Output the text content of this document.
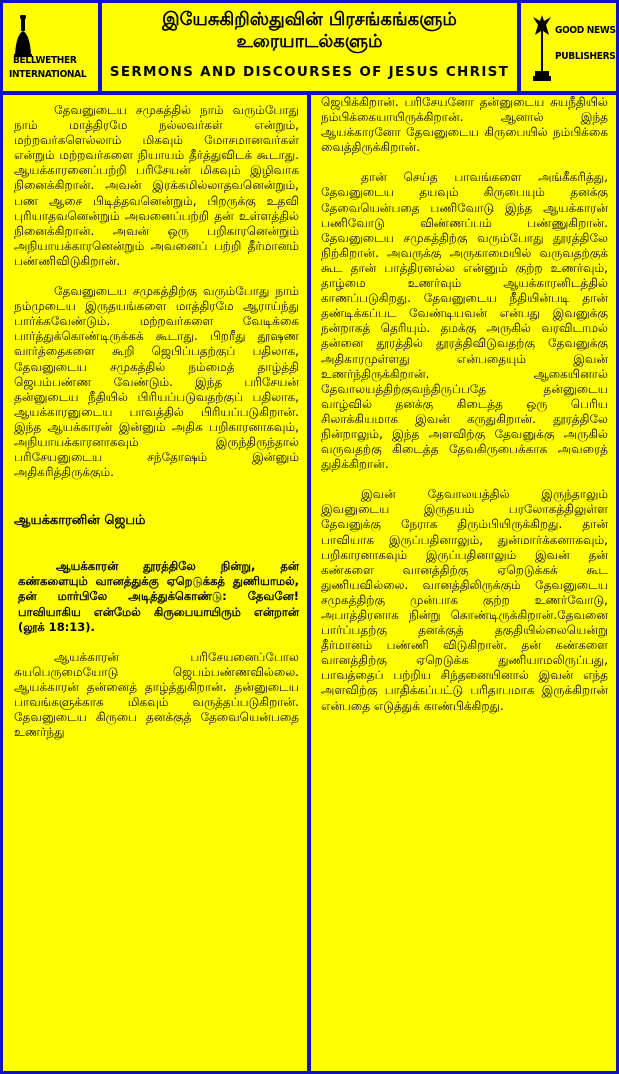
BELLWETHER
INTERNATIONAL
இயேசுகிறிஸ்துவின் பிரசங்கங்களும்
உரையாடல்களும்
SERMONS AND DISCOURSES OF JESUS CHRIST
GOOD NEWS
PUBLISHERS

தேவனுடைய சமுகத்தில் நாம் வரும்போது நாம் மாத்திரமே நல்லவர்கள் என்றும், மற்றவர்களெல்லாம் மிகவும் மோசமானவர்கள் என்றும் மற்றவர்களை நியாயம் தீர்த்துவிடக் கூடாது. ஆயக்காரனைப்பற்றி பரிசேயன் மிகவும் இழிவாக நினைக்கிறான். அவன் இரக்கமில்லாதவனென்றும், பண ஆசை பிடித்தவனென்றும், பிறருக்கு உதவி புரியாதவனென்றும் அவனைப்பற்றி தன் உள்ளத்தில் நினைக்கிறான். அவன் ஒரு பறிகாரனென்றும் அநியாயக்காரனென்றும் அவனைப் பற்றி தீர்மானம் பண்ணிவிடுகிறான்.

தேவனுடைய சமுகத்திற்கு வரும்போது நாம் நம்முடைய இருதயங்களை மாத்திரமே ஆராய்ந்து பார்க்கவேண்டும். மற்றவர்களை வேடிக்கை பார்த்துக்கொண்டிருக்கக் கூடாது. பிறரீது தூஷண வார்த்தைகளை கூறி ஜெபிப்பதற்குப் பதிலாக, தேவனுடைய சமுகத்தில் நம்மைத் தாழ்த்தி ஜெபம்பண்ண வேண்டும். இந்த பரிசேயன் தன்னுடைய நீதியில் பிரியப்படுவதற்குப் பதிலாக, ஆயக்காரனுடைய பாவத்தில் பிரியப்படுகிறான். இந்த ஆயக்காரன் இன்னும் அதிக பறிகாரனாகவும், அநியாயக்காரனாகவும் இருந்திருந்தால் பரிசேயனுடைய சந்தோஷம் இன்னும் அதிகரித்திருக்கும்.

ஆயக்காரனின் ஜெபம்

ஆயக்காரன் தூரத்திலே நின்று, தன் கண்களையும் வானத்துக்கு ஏறெடுக்கத் துணியாமல், தன் மார்பிலே அடித்துக்கொண்டு: தேவனே! பாவியாகிய என்மேல் கிருபையாயிரும் என்றான் (லூக் 18:13).

ஆயக்காரன் பரிசேயனைப்போல சுயபெருமையோடு ஜெபம்பண்ணவில்லை. ஆயக்காரன் தன்னைத் தாழ்த்துகிறான். தன்னுடைய பாவங்களுக்காக மிகவும் வருத்தப்படுகிறான். தேவனுடைய கிருபை தனக்குத் தேவையென்பதை உணர்ந்து

ஜெபிக்கிறான். பரிசேயனோ தன்னுடைய சுயநீதியில் நம்பிக்கையாயிருக்கிறான். ஆனால் இந்த ஆயக்காரனோ தேவனுடைய கிருபையில் நம்பிக்கை வைத்திருக்கிறான்.

தான் செய்த பாவங்களை அங்கீகரித்து, தேவனுடைய தயவும் கிருபையும் தனக்கு தேவையென்பதை பணிவோடு இந்த ஆயக்காரன் பணிவோடு விண்ணப்பம் பண்ணுகிறான். தேவனுடைய சமுகத்திற்கு வரும்போது தூரத்திலே நிற்கிறான். அவருக்கு அருகாமையில் வருவதற்குக் கூட தான் பாத்திரனல்ல என்னும் குற்ற உணர்வும், தாழ்மை உணர்வும் ஆயக்காரனிடத்தில் காணப்படுகிறது. தேவனுடைய நீதியின்படி தான் தண்டிக்கப்பட வேண்டியவன் என்பது இவனுக்கு நன்றாகத் தெரியும். தமக்கு அருகில் வரவிடாமல் தன்னை தூரத்தில் தூரத்திவிடுவதற்கு தேவனுக்கு அதிகாரமுள்ளது என்பதையும் இவன் உணர்ந்திருக்கிறான். ஆகையினால் தேவாலயத்திற்குவந்திருப்பதே தன்னுடைய வாழ்வில் தனக்கு கிடைத்த ஒரு பெரிய சிலாக்கியமாக இவன் கருதுகிறான். தூரத்திலே நின்றாலும், இந்த அளவிற்கு தேவனுக்கு அருகில் வருவதற்கு கிடைத்த தேவகிருபைக்காக அவரைத் துதிக்கிறான்.

இவன் தேவாலயத்தில் இருந்தாலும் இவனுடைய இருதயம் பரலோகத்திலுள்ள தேவனுக்கு நேராக திரும்பியிருக்கிறது. தான் பாவியாக இருப்பதினாலும், துன்மார்க்கனாகவும், பறிகாரனாகவும் இருப்பதினாலும் இவன் தன் கண்களை வானத்திற்கு ஏறெடுக்கக் கூட துணியவில்லை. வானத்திலிருக்கும் தேவனுடைய சமுகத்திற்கு முன்பாக குற்ற உணர்வோடு, அபாத்திரனாக நின்று கொண்டிருக்கிறான்.தேவனை பார்ப்பதற்கு தனக்குத் தகுதியில்லையென்று தீர்மானம் பண்ணி விடுகிறான். தன் கண்களை வானத்திற்கு ஏறெடுக்க துணியாமலிருப்பது, பாவத்தைப் பற்றிய சிந்தனையினால் இவன் எந்த அளவிற்கு பாதிக்கப்பட்டு பரிதாபமாக இருக்கிறான் என்பதை எடுத்துக் காண்பிக்கிறது.
